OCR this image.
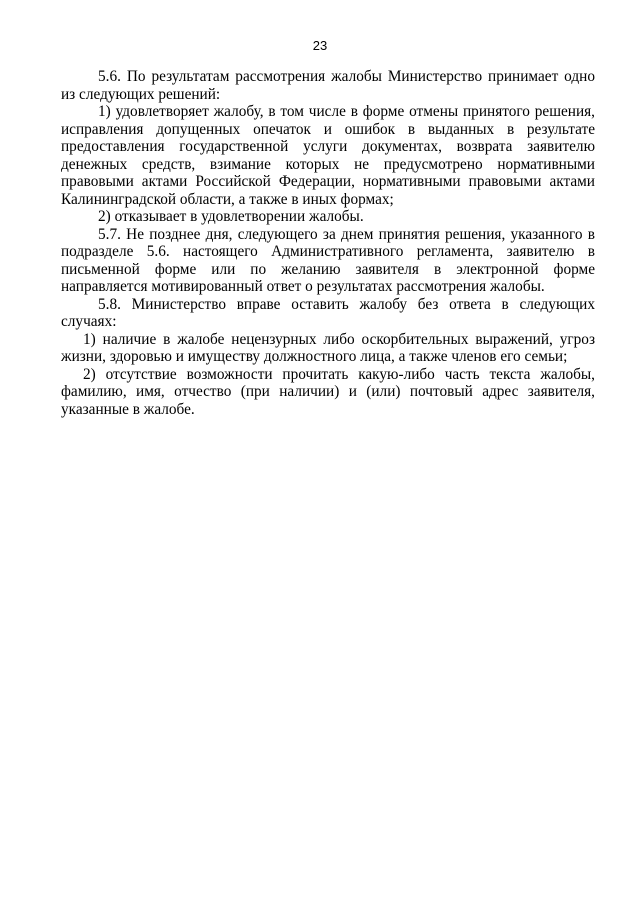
23

5.6. По результатам рассмотрения жалобы Министерство принимает одно из следующих решений:

1) удовлетворяет жалобу, в том числе в форме отмены принятого решения, исправления допущенных опечаток и ошибок в выданных в результате предоставления государственной услуги документах, возврата заявителю денежных средств, взимание которых не предусмотрено нормативными правовыми актами Российской Федерации, нормативными правовыми актами Калининградской области, а также в иных формах;

2) отказывает в удовлетворении жалобы.

5.7. Не позднее дня, следующего за днем принятия решения, указанного в подразделе 5.6. настоящего Административного регламента, заявителю в письменной форме или по желанию заявителя в электронной форме направляется мотивированный ответ о результатах рассмотрения жалобы.

5.8. Министерство вправе оставить жалобу без ответа в следующих случаях:

1) наличие в жалобе нецензурных либо оскорбительных выражений, угроз жизни, здоровью и имуществу должностного лица, а также членов его семьи;

2) отсутствие возможности прочитать какую-либо часть текста жалобы, фамилию, имя, отчество (при наличии) и (или) почтовый адрес заявителя, указанные в жалобе.
